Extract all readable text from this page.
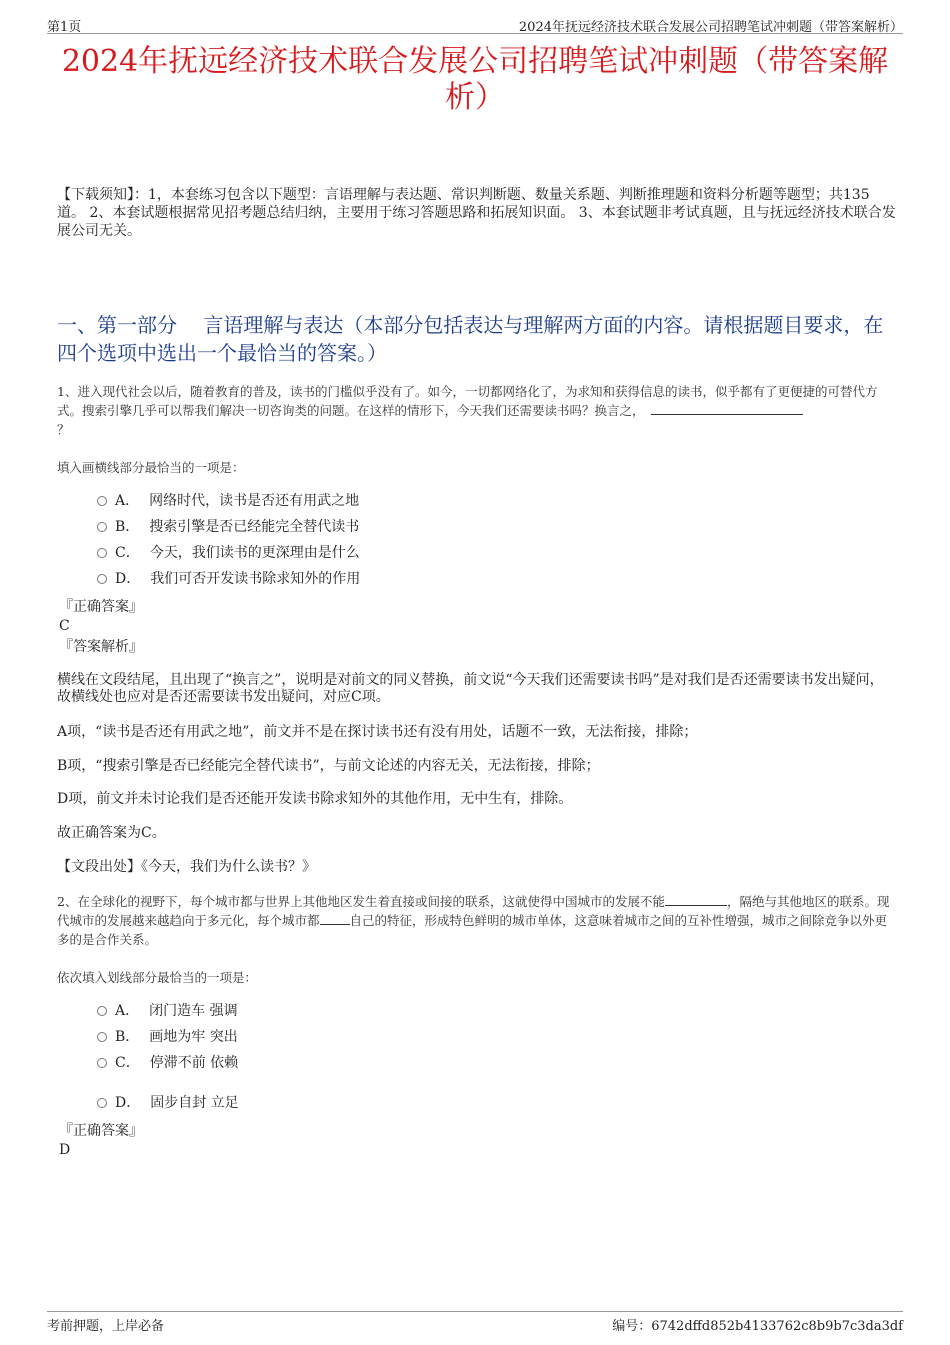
第1页	2024年抚远经济技术联合发展公司招聘笔试冲刺题（带答案解析）
2024年抚远经济技术联合发展公司招聘笔试冲刺题（带答案解析）
【下载须知】：1，本套练习包含以下题型：言语理解与表达题、常识判断题、数量关系题、判断推理题和资料分析题等题型；共135道。 2、本套试题根据常见招考题总结归纳，主要用于练习答题思路和拓展知识面。 3、本套试题非考试真题，且与抚远经济技术联合发展公司无关。
一、第一部分　 言语理解与表达（本部分包括表达与理解两方面的内容。请根据题目要求，在四个选项中选出一个最恰当的答案。）
1、进入现代社会以后，随着教育的普及，读书的门槛似乎没有了。如今，一切都网络化了，为求知和获得信息的读书，似乎都有了更便捷的可替代方式。搜索引擎几乎可以帮我们解决一切咨询类的问题。在这样的情形下，今天我们还需要读书吗？换言之，
？
填入画横线部分最恰当的一项是：
A． 网络时代，读书是否还有用武之地
B． 搜索引擎是否已经能完全替代读书
C． 今天，我们读书的更深理由是什么
D． 我们可否开发读书除求知外的作用
『正确答案』
C
『答案解析』
横线在文段结尾，且出现了“换言之”，说明是对前文的同义替换，前文说“今天我们还需要读书吗”是对我们是否还需要读书发出疑问，故横线处也应对是否还需要读书发出疑问，对应C项。
A项，“读书是否还有用武之地”，前文并不是在探讨读书还有没有用处，话题不一致，无法衔接，排除；
B项，“搜索引擎是否已经能完全替代读书”，与前文论述的内容无关，无法衔接，排除；
D项，前文并未讨论我们是否还能开发读书除求知外的其他作用，无中生有，排除。
故正确答案为C。
【文段出处】《今天，我们为什么读书？》
2、在全球化的视野下，每个城市都与世界上其他地区发生着直接或间接的联系，这就使得中国城市的发展不能	，隔绝与其他地区的联系。现代城市的发展越来越趋向于多元化，每个城市都 自己的特征，形成特色鲜明的城市单体，这意味着城市之间的互补性增强，城市之间除竞争以外更多的是合作关系。
依次填入划线部分最恰当的一项是：
A． 闭门造车 强调
B． 画地为牢 突出
C． 停滞不前 依赖
D． 固步自封 立足
『正确答案』
D
考前押题，上岸必备	编号：6742dffd852b4133762c8b9b7c3da3df
